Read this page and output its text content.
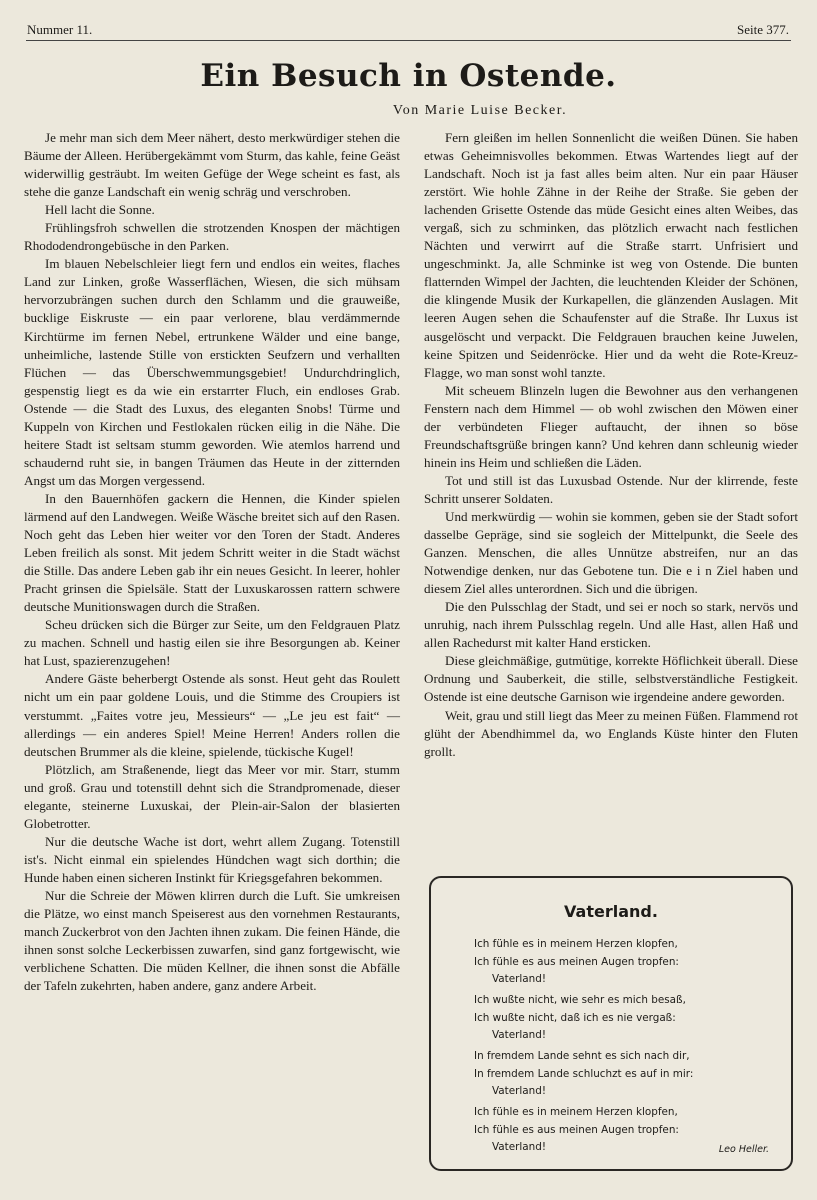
Nummer 11.	Seite 377.
Ein Besuch in Ostende.
Von Marie Luise Becker.

Je mehr man sich dem Meer nähert, desto merkwürdiger stehen die Bäume der Alleen. Herübergekämmt vom Sturm, das kahle, feine Geäst widerwillig gesträubt. Im weiten Gefüge der Wege scheint es fast, als stehe die ganze Landschaft ein wenig schräg und verschroben.

Hell lacht die Sonne.

Frühlingsfroh schwellen die strotzenden Knospen der mächtigen Rhododendrongebüsche in den Parken.

Im blauen Nebelschleier liegt fern und endlos ein weites, flaches Land zur Linken, große Wasserflächen, Wiesen, die sich mühsam hervorzubrängen suchen durch den Schlamm und die grauweiße, bucklige Eiskruste — ein paar verlorene, blau verdämmernde Kirchtürme im fernen Nebel, ertrunkene Wälder und eine bange, unheimliche, lastende Stille von erstickten Seufzern und verhallten Flüchen — das Überschwemmungsgebiet! Undurchdringlich, gespenstig liegt es da wie ein erstarrter Fluch, ein endloses Grab. Ostende — die Stadt des Luxus, des eleganten Snobs! Türme und Kuppeln von Kirchen und Festlokalen rücken eilig in die Nähe. Die heitere Stadt ist seltsam stumm geworden. Wie atemlos harrend und schaudernd ruht sie, in bangen Träumen das Heute in der zitternden Angst um das Morgen vergessend.

In den Bauernhöfen gackern die Hennen, die Kinder spielen lärmend auf den Landwegen. Weiße Wäsche breitet sich auf den Rasen. Noch geht das Leben hier weiter vor den Toren der Stadt. Anderes Leben freilich als sonst. Mit jedem Schritt weiter in die Stadt wächst die Stille. Das andere Leben gab ihr ein neues Gesicht. In leerer, hohler Pracht grinsen die Spielsäle. Statt der Luxuskarossen rattern schwere deutsche Munitionswagen durch die Straßen.

Scheu drücken sich die Bürger zur Seite, um den Feldgrauen Platz zu machen. Schnell und hastig eilen sie ihre Besorgungen ab. Keiner hat Lust, spazierenzugehen!

Andere Gäste beherbergt Ostende als sonst. Heut geht das Roulett nicht um ein paar goldene Louis, und die Stimme des Croupiers ist verstummt. „Faites votre jeu, Messieurs“ — „Le jeu est fait“ — allerdings — ein anderes Spiel! Meine Herren! Anders rollen die deutschen Brummer als die kleine, spielende, tückische Kugel!

Plötzlich, am Straßenende, liegt das Meer vor mir. Starr, stumm und groß. Grau und totenstill dehnt sich die Strandpromenade, dieser elegante, steinerne Luxuskai, der Plein-air-Salon der blasierten Globetrotter.

Nur die deutsche Wache ist dort, wehrt allem Zugang. Totenstill ist's. Nicht einmal ein spielendes Hündchen wagt sich dorthin; die Hunde haben einen sicheren Instinkt für Kriegsgefahren bekommen.

Nur die Schreie der Möwen klirren durch die Luft. Sie umkreisen die Plätze, wo einst manch Speiserest aus den vornehmen Restaurants, manch Zuckerbrot von den Jachten ihnen zukam. Die feinen Hände, die ihnen sonst solche Leckerbissen zuwarfen, sind ganz fortgewischt, wie verblichene Schatten. Die müden Kellner, die ihnen sonst die Abfälle der Tafeln zukehrten, haben andere, ganz andere Arbeit.

Fern gleißen im hellen Sonnenlicht die weißen Dünen. Sie haben etwas Geheimnisvolles bekommen. Etwas Wartendes liegt auf der Landschaft. Noch ist ja fast alles beim alten. Nur ein paar Häuser zerstört. Wie hohle Zähne in der Reihe der Straße. Sie geben der lachenden Grisette Ostende das müde Gesicht eines alten Weibes, das vergaß, sich zu schminken, das plötzlich erwacht nach festlichen Nächten und verwirrt auf die Straße starrt. Unfrisiert und ungeschminkt. Ja, alle Schminke ist weg von Ostende. Die bunten flatternden Wimpel der Jachten, die leuchtenden Kleider der Schönen, die klingende Musik der Kurkapellen, die glänzenden Auslagen. Mit leeren Augen sehen die Schaufenster auf die Straße. Ihr Luxus ist ausgelöscht und verpackt. Die Feldgrauen brauchen keine Juwelen, keine Spitzen und Seidenröcke. Hier und da weht die Rote-Kreuz-Flagge, wo man sonst wohl tanzte.

Mit scheuem Blinzeln lugen die Bewohner aus den verhangenen Fenstern nach dem Himmel — ob wohl zwischen den Möwen einer der verbündeten Flieger auftaucht, der ihnen so böse Freundschaftsgrüße bringen kann? Und kehren dann schleunig wieder hinein ins Heim und schließen die Läden.

Tot und still ist das Luxusbad Ostende. Nur der klirrende, feste Schritt unserer Soldaten.

Und merkwürdig — wohin sie kommen, geben sie der Stadt sofort dasselbe Gepräge, sind sie sogleich der Mittelpunkt, die Seele des Ganzen. Menschen, die alles Unnütze abstreifen, nur an das Notwendige denken, nur das Gebotene tun. Die e i n Ziel haben und diesem Ziel alles unterordnen. Sich und die übrigen.

Die den Pulsschlag der Stadt, und sei er noch so stark, nervös und unruhig, nach ihrem Pulsschlag regeln. Und alle Hast, allen Haß und allen Rachedurst mit kalter Hand ersticken.

Diese gleichmäßige, gutmütige, korrekte Höflichkeit überall. Diese Ordnung und Sauberkeit, die stille, selbstverständliche Festigkeit. Ostende ist eine deutsche Garnison wie irgendeine andere geworden.

Weit, grau und still liegt das Meer zu meinen Füßen. Flammend rot glüht der Abendhimmel da, wo Englands Küste hinter den Fluten grollt.

Vaterland.
Ich fühle es in meinem Herzen klopfen,
Ich fühle es aus meinen Augen tropfen:
Vaterland!
Ich wußte nicht, wie sehr es mich besaß,
Ich wußte nicht, daß ich es nie vergaß:
Vaterland!
In fremdem Lande sehnt es sich nach dir,
In fremdem Lande schluchzt es auf in mir:
Vaterland!
Ich fühle es in meinem Herzen klopfen,
Ich fühle es aus meinen Augen tropfen:
Vaterland!	Leo Heller.
